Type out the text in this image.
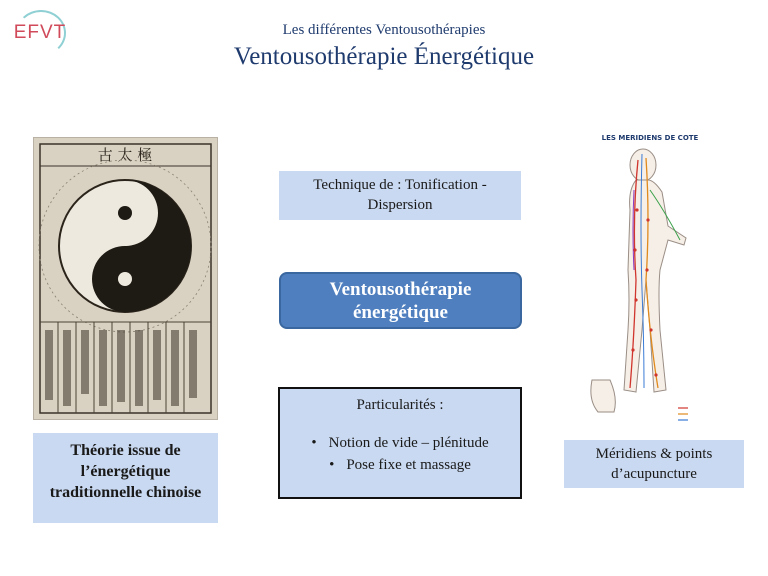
EFVT	Les différentes Ventousothérapies
Ventousothérapie Énergétique
古 太 極
LES MERIDIENS DE COTE
Technique de : Tonification -
Dispersion
Ventousothérapie
énergétique
Particularités :
• Notion de vide – plénitude
• Pose fixe et massage
Théorie issue de
l’énergétique
traditionnelle chinoise
Méridiens & points
d’acupuncture
